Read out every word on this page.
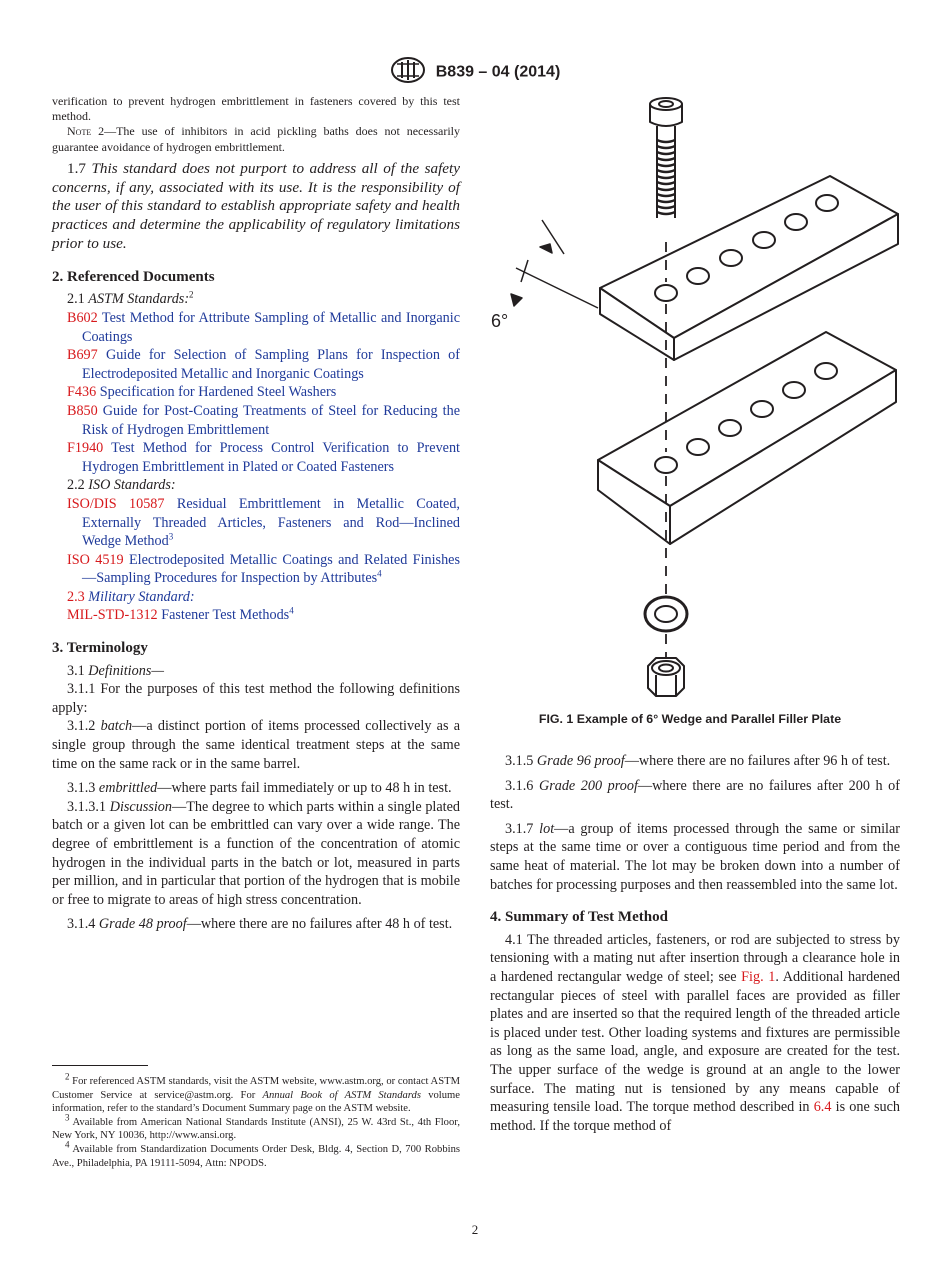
B839 – 04 (2014)

verification to prevent hydrogen embrittlement in fasteners covered by this test method.

Note 2—The use of inhibitors in acid pickling baths does not necessarily guarantee avoidance of hydrogen embrittlement.

1.7 This standard does not purport to address all of the safety concerns, if any, associated with its use. It is the responsibility of the user of this standard to establish appropriate safety and health practices and determine the applicability of regulatory limitations prior to use.

2. Referenced Documents

2.1 ASTM Standards:$^2$

B602 Test Method for Attribute Sampling of Metallic and Inorganic Coatings

B697 Guide for Selection of Sampling Plans for Inspection of Electrodeposited Metallic and Inorganic Coatings

F436 Specification for Hardened Steel Washers

B850 Guide for Post-Coating Treatments of Steel for Reducing the Risk of Hydrogen Embrittlement

F1940 Test Method for Process Control Verification to Prevent Hydrogen Embrittlement in Plated or Coated Fasteners

2.2 ISO Standards:

ISO/DIS 10587 Residual Embrittlement in Metallic Coated, Externally Threaded Articles, Fasteners and Rod—Inclined Wedge Method$^3$

ISO 4519 Electrodeposited Metallic Coatings and Related Finishes—Sampling Procedures for Inspection by Attributes$^4$

2.3 Military Standard:

MIL-STD-1312 Fastener Test Methods$^4$

3. Terminology

3.1 Definitions—

3.1.1 For the purposes of this test method the following definitions apply:

3.1.2 batch—a distinct portion of items processed collectively as a single group through the same identical treatment steps at the same time on the same rack or in the same barrel.

3.1.3 embrittled—where parts fail immediately or up to 48 h in test.

3.1.3.1 Discussion—The degree to which parts within a single plated batch or a given lot can be embrittled can vary over a wide range. The degree of embrittlement is a function of the concentration of atomic hydrogen in the individual parts in the batch or lot, measured in parts per million, and in particular that portion of the hydrogen that is mobile or free to migrate to areas of high stress concentration.

3.1.4 Grade 48 proof—where there are no failures after 48 h of test.

$^2$ For referenced ASTM standards, visit the ASTM website, www.astm.org, or contact ASTM Customer Service at service@astm.org. For Annual Book of ASTM Standards volume information, refer to the standard’s Document Summary page on the ASTM website.

$^3$ Available from American National Standards Institute (ANSI), 25 W. 43rd St., 4th Floor, New York, NY 10036, http://www.ansi.org.

$^4$ Available from Standardization Documents Order Desk, Bldg. 4, Section D, 700 Robbins Ave., Philadelphia, PA 19111-5094, Attn: NPODS.

6°
FIG. 1 Example of 6° Wedge and Parallel Filler Plate

3.1.5 Grade 96 proof—where there are no failures after 96 h of test.

3.1.6 Grade 200 proof—where there are no failures after 200 h of test.

3.1.7 lot—a group of items processed through the same or similar steps at the same time or over a contiguous time period and from the same heat of material. The lot may be broken down into a number of batches for processing purposes and then reassembled into the same lot.

4. Summary of Test Method

4.1 The threaded articles, fasteners, or rod are subjected to stress by tensioning with a mating nut after insertion through a clearance hole in a hardened rectangular wedge of steel; see Fig. 1. Additional hardened rectangular pieces of steel with parallel faces are provided as filler plates and are inserted so that the required length of the threaded article is placed under test. Other loading systems and fixtures are permissible as long as the same load, angle, and exposure are created for the test. The upper surface of the wedge is ground at an angle to the lower surface. The mating nut is tensioned by any means capable of measuring tensile load. The torque method described in 6.4 is one such method. If the torque method of

2
